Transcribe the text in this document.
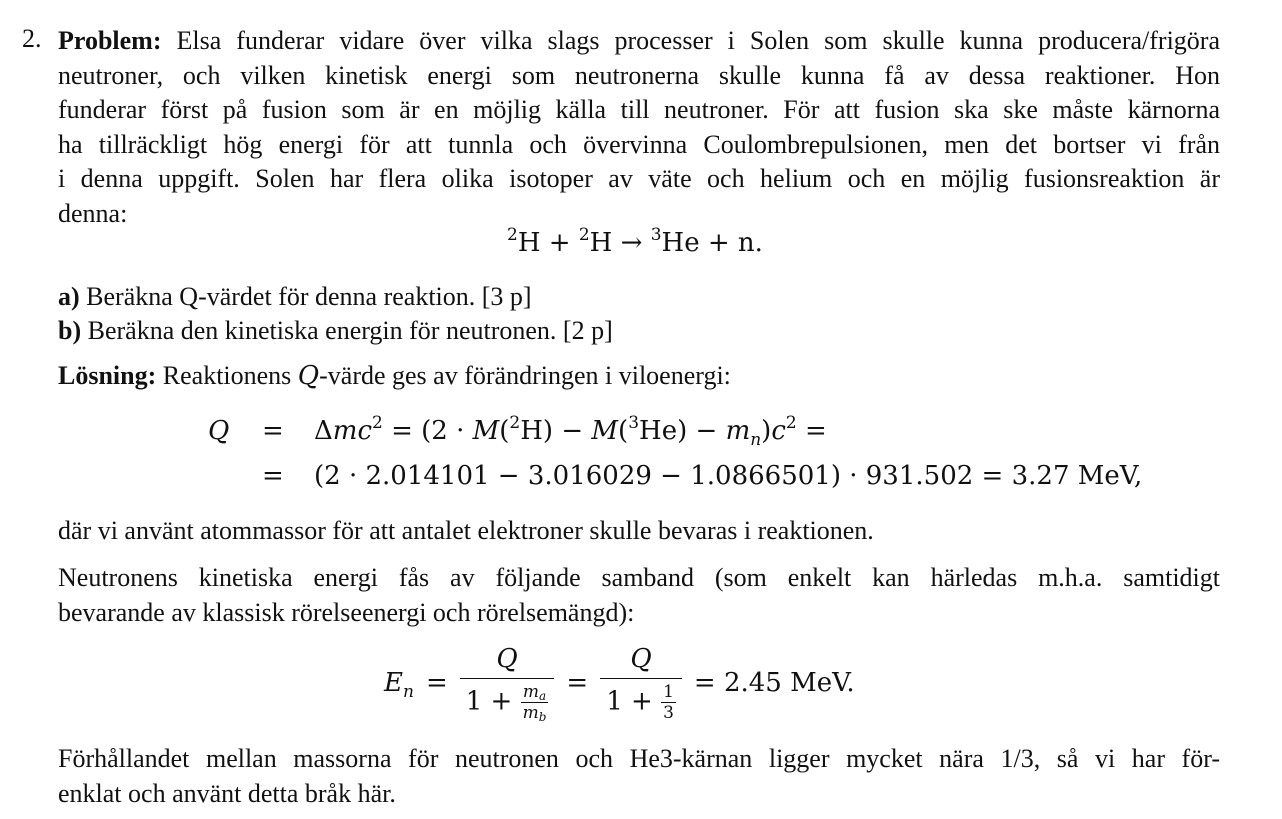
2. Problem: Elsa funderar vidare över vilka slags processer i Solen som skulle kunna producera/frigöra
neutroner, och vilken kinetisk energi som neutronerna skulle kunna få av dessa reaktioner. Hon
funderar först på fusion som är en möjlig källa till neutroner. För att fusion ska ske måste kärnorna
ha tillräckligt hög energi för att tunnla och övervinna Coulombrepulsionen, men det bortser vi från
i denna uppgift. Solen har flera olika isotoper av väte och helium och en möjlig fusionsreaktion är
denna:
$^2$H + $^2$H → $^3$He + n.
a) Beräkna Q-värdet för denna reaktion. [3 p]
b) Beräkna den kinetiska energin för neutronen. [2 p]
Lösning: Reaktionens Q-värde ges av förändringen i viloenergi:
$Q = \Delta mc^2 = (2 \cdot M(^2H) - M(^3He) - m_n)c^2$ =
= (2 · 2.014101 − 3.016029 − 1.0866501) · 931.502 = 3.27 MeV,
där vi använt atommassor för att antalet elektroner skulle bevaras i reaktionen.
Neutronens kinetiska energi fås av följande samband (som enkelt kan härledas m.h.a. samtidigt
bevarande av klassisk rörelseenergi och rörelsemängd):
$E_n = \frac{Q}{1 + \frac{m_a}{m_b}} = \frac{Q}{1 + \frac{1}{3}} = 2.45$ MeV.
Förhållandet mellan massorna för neutronen och He3-kärnan ligger mycket nära 1/3, så vi har för-
enklat och använt detta bråk här.
